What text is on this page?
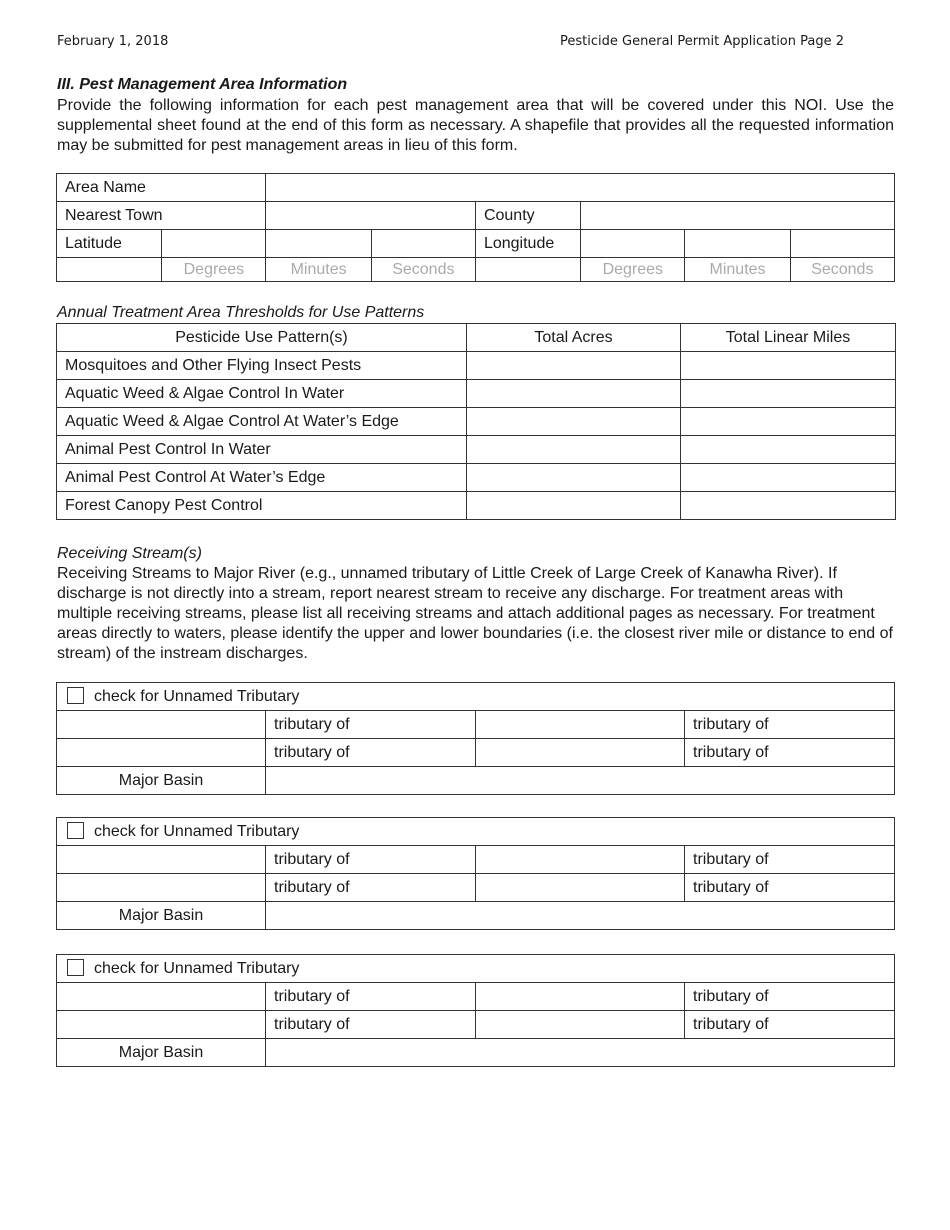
February 1, 2018	Pesticide General Permit Application Page 2
III. Pest Management Area Information
Provide the following information for each pest management area that will be covered under this NOI. Use the supplemental sheet found at the end of this form as necessary. A shapefile that provides all the requested information may be submitted for pest management areas in lieu of this form.
Area Name							
Nearest Town				County			
Latitude				Longitude			
	Degrees	Minutes	Seconds		Degrees	Minutes	Seconds
Annual Treatment Area Thresholds for Use Patterns
Pesticide Use Pattern(s)	Total Acres	Total Linear Miles
Mosquitoes and Other Flying Insect Pests		
Aquatic Weed & Algae Control In Water		
Aquatic Weed & Algae Control At Water’s Edge		
Animal Pest Control In Water		
Animal Pest Control At Water’s Edge		
Forest Canopy Pest Control		
Receiving Stream(s)
Receiving Streams to Major River (e.g., unnamed tributary of Little Creek of Large Creek of Kanawha River). If discharge is not directly into a stream, report nearest stream to receive any discharge. For treatment areas with multiple receiving streams, please list all receiving streams and attach additional pages as necessary. For treatment areas directly to waters, please identify the upper and lower boundaries (i.e. the closest river mile or distance to end of stream) of the instream discharges.
check for Unnamed Tributary			
	tributary of		tributary of
	tributary of		tributary of
Major Basin			
check for Unnamed Tributary			
	tributary of		tributary of
	tributary of		tributary of
Major Basin			
check for Unnamed Tributary			
	tributary of		tributary of
	tributary of		tributary of
Major Basin			
